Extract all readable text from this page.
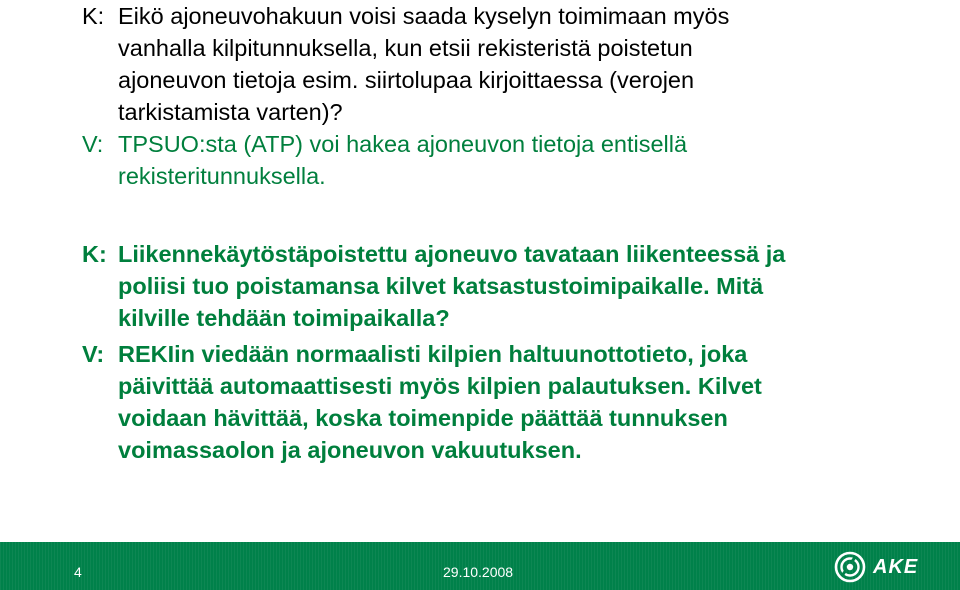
K: Eikö ajoneuvohakuun voisi saada kyselyn toimimaan myös
vanhalla kilpitunnuksella, kun etsii rekisteristä poistetun
ajoneuvon tietoja esim. siirtolupaa kirjoittaessa (verojen
tarkistamista varten)?
V: TPSUO:sta (ATP) voi hakea ajoneuvon tietoja entisellä
rekisteritunnuksella.
K: Liikennekäytöstäpoistettu ajoneuvo tavataan liikenteessä ja
poliisi tuo poistamansa kilvet katsastustoimipaikalle. Mitä
kilville tehdään toimipaikalla?
V: REKIin viedään normaalisti kilpien haltuunottotieto, joka
päivittää automaattisesti myös kilpien palautuksen. Kilvet
voidaan hävittää, koska toimenpide päättää tunnuksen
voimassaolon ja ajoneuvon vakuutuksen.
4	29.10.2008	AKE
